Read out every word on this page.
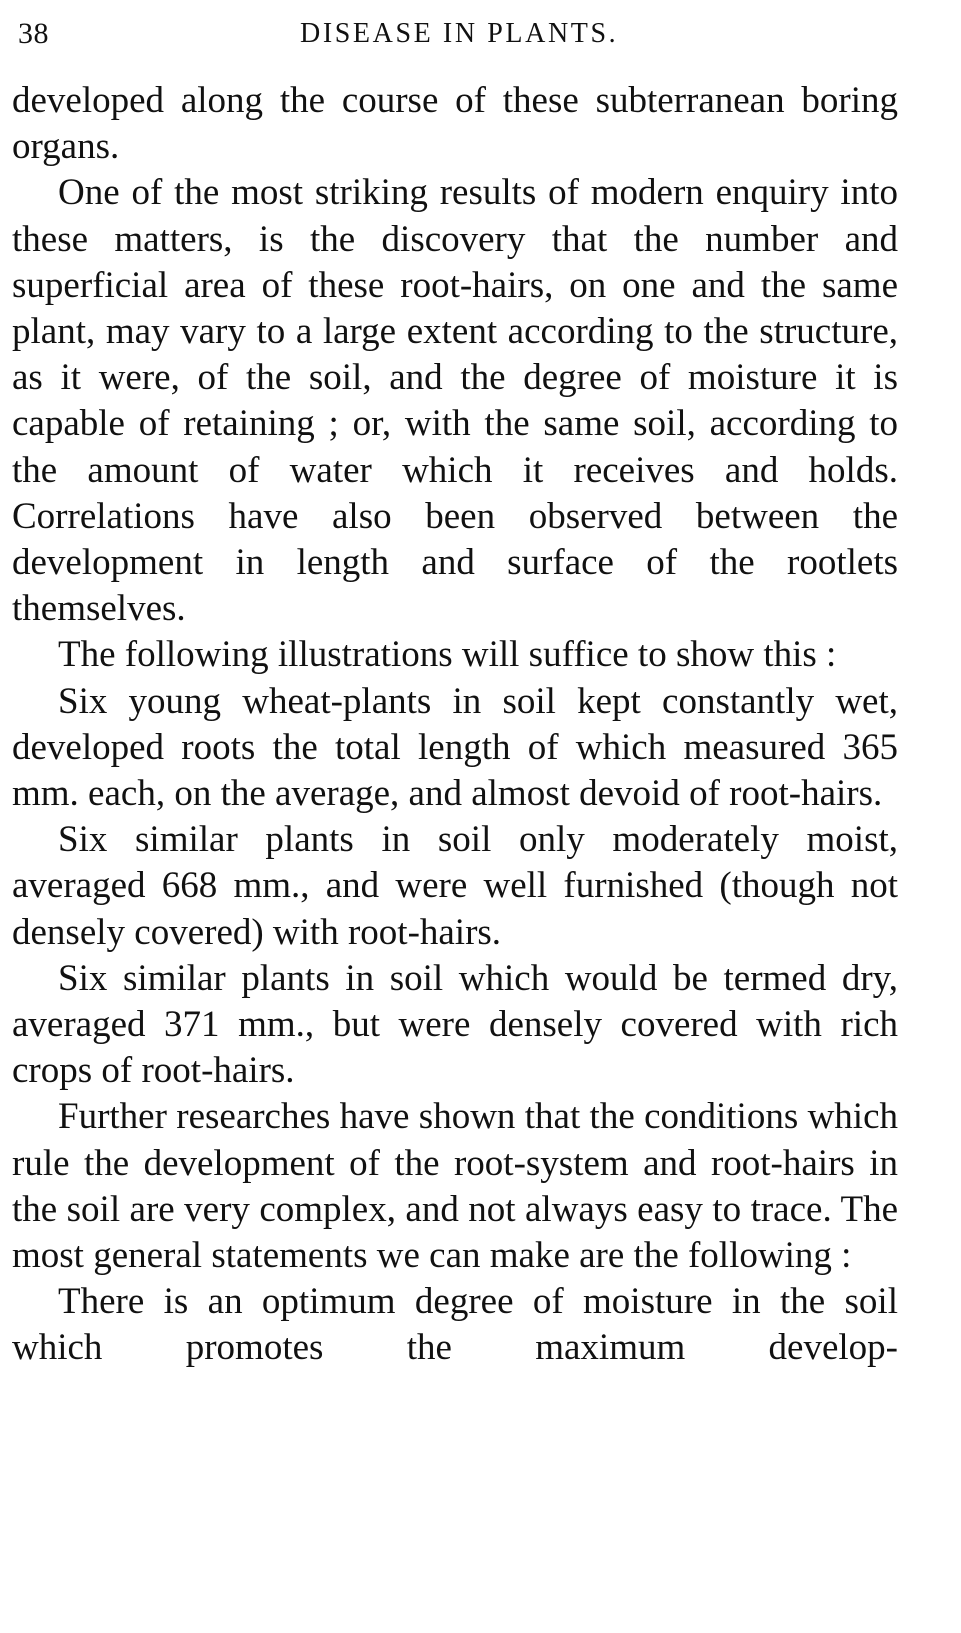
38	DISEASE IN PLANTS.

developed along the course of these subterranean boring organs.

One of the most striking results of modern enquiry into these matters, is the discovery that the number and superficial area of these root-hairs, on one and the same plant, may vary to a large extent according to the structure, as it were, of the soil, and the degree of moisture it is capable of retaining ; or, with the same soil, according to the amount of water which it receives and holds. Correlations have also been observed between the development in length and surface of the rootlets themselves.

The following illustrations will suffice to show this :

Six young wheat-plants in soil kept constantly wet, developed roots the total length of which measured 365 mm. each, on the average, and almost devoid of root-hairs.

Six similar plants in soil only moderately moist, averaged 668 mm., and were well furnished (though not densely covered) with root-hairs.

Six similar plants in soil which would be termed dry, averaged 371 mm., but were densely covered with rich crops of root-hairs.

Further researches have shown that the conditions which rule the development of the root-system and root-hairs in the soil are very complex, and not always easy to trace. The most general statements we can make are the following :

There is an optimum degree of moisture in the soil which promotes the maximum develop-
